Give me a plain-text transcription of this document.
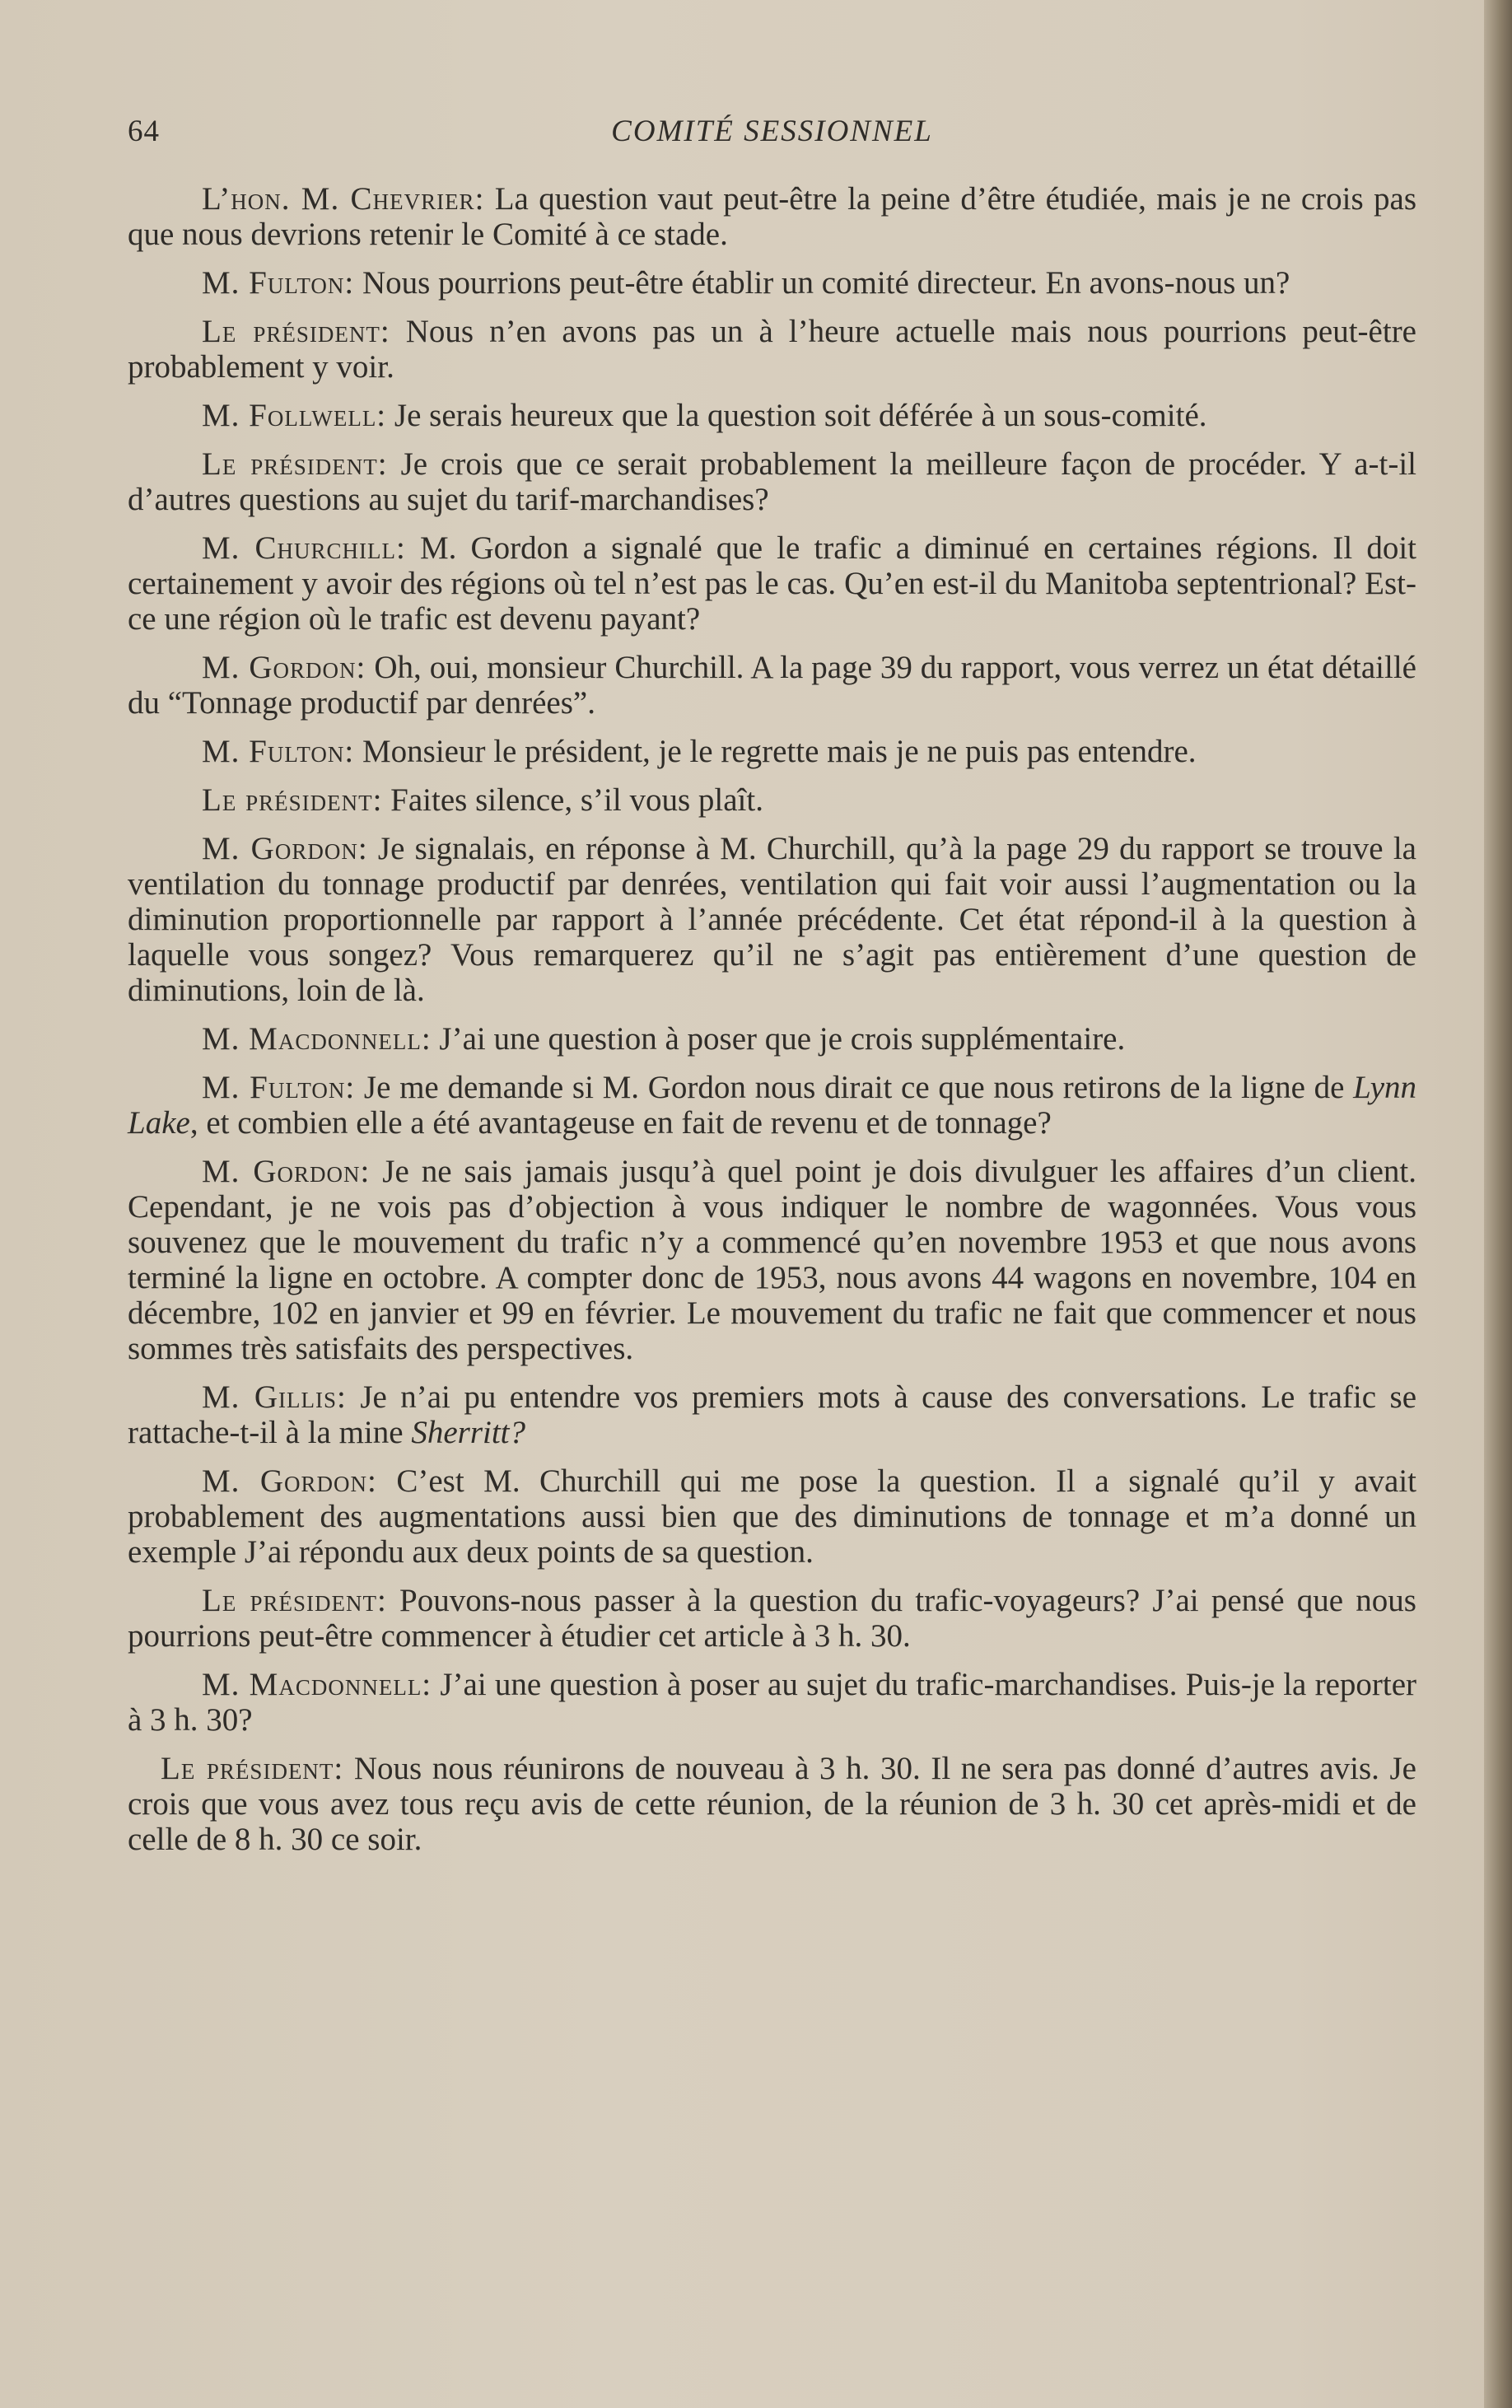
64	COMITÉ SESSIONNEL

L’hon. M. Chevrier: La question vaut peut-être la peine d’être étudiée, mais je ne crois pas que nous devrions retenir le Comité à ce stade.

M. Fulton: Nous pourrions peut-être établir un comité directeur. En avons-nous un?

Le président: Nous n’en avons pas un à l’heure actuelle mais nous pourrions peut-être probablement y voir.

M. Follwell: Je serais heureux que la question soit déférée à un sous-comité.

Le président: Je crois que ce serait probablement la meilleure façon de procéder. Y a-t-il d’autres questions au sujet du tarif-marchandises?

M. Churchill: M. Gordon a signalé que le trafic a diminué en certaines régions. Il doit certainement y avoir des régions où tel n’est pas le cas. Qu’en est-il du Manitoba septentrional? Est-ce une région où le trafic est devenu payant?

M. Gordon: Oh, oui, monsieur Churchill. A la page 39 du rapport, vous verrez un état détaillé du “Tonnage productif par denrées”.

M. Fulton: Monsieur le président, je le regrette mais je ne puis pas entendre.

Le président: Faites silence, s’il vous plaît.

M. Gordon: Je signalais, en réponse à M. Churchill, qu’à la page 29 du rapport se trouve la ventilation du tonnage productif par denrées, ventilation qui fait voir aussi l’augmentation ou la diminution proportionnelle par rapport à l’année précédente. Cet état répond-il à la question à laquelle vous songez? Vous remarquerez qu’il ne s’agit pas entièrement d’une question de diminutions, loin de là.

M. Macdonnell: J’ai une question à poser que je crois supplémentaire.

M. Fulton: Je me demande si M. Gordon nous dirait ce que nous retirons de la ligne de Lynn Lake, et combien elle a été avantageuse en fait de revenu et de tonnage?

M. Gordon: Je ne sais jamais jusqu’à quel point je dois divulguer les affaires d’un client. Cependant, je ne vois pas d’objection à vous indiquer le nombre de wagonnées. Vous vous souvenez que le mouvement du trafic n’y a commencé qu’en novembre 1953 et que nous avons terminé la ligne en octobre. A compter donc de 1953, nous avons 44 wagons en novembre, 104 en décembre, 102 en janvier et 99 en février. Le mouvement du trafic ne fait que commencer et nous sommes très satisfaits des perspectives.

M. Gillis: Je n’ai pu entendre vos premiers mots à cause des conversations. Le trafic se rattache-t-il à la mine Sherritt?

M. Gordon: C’est M. Churchill qui me pose la question. Il a signalé qu’il y avait probablement des augmentations aussi bien que des diminutions de tonnage et m’a donné un exemple J’ai répondu aux deux points de sa question.

Le président: Pouvons-nous passer à la question du trafic-voyageurs? J’ai pensé que nous pourrions peut-être commencer à étudier cet article à 3 h. 30.

M. Macdonnell: J’ai une question à poser au sujet du trafic-marchandises. Puis-je la reporter à 3 h. 30?

Le président: Nous nous réunirons de nouveau à 3 h. 30. Il ne sera pas donné d’autres avis. Je crois que vous avez tous reçu avis de cette réunion, de la réunion de 3 h. 30 cet après-midi et de celle de 8 h. 30 ce soir.
